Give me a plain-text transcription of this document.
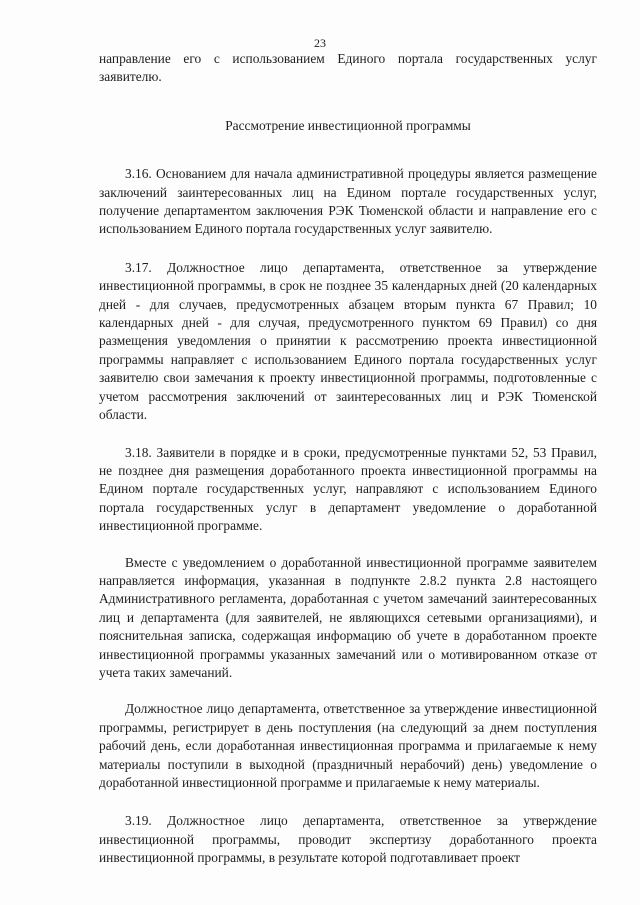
23

направление его с использованием Единого портала государственных услуг заявителю.

Рассмотрение инвестиционной программы

3.16. Основанием для начала административной процедуры является размещение заключений заинтересованных лиц на Едином портале государственных услуг, получение департаментом заключения РЭК Тюменской области и направление его с использованием Единого портала государственных услуг заявителю.

3.17. Должностное лицо департамента, ответственное за утверждение инвестиционной программы, в срок не позднее 35 календарных дней (20 календарных дней - для случаев, предусмотренных абзацем вторым пункта 67 Правил; 10 календарных дней - для случая, предусмотренного пунктом 69 Правил) со дня размещения уведомления о принятии к рассмотрению проекта инвестиционной программы направляет с использованием Единого портала государственных услуг заявителю свои замечания к проекту инвестиционной программы, подготовленные с учетом рассмотрения заключений от заинтересованных лиц и РЭК Тюменской области.

3.18. Заявители в порядке и в сроки, предусмотренные пунктами 52, 53 Правил, не позднее дня размещения доработанного проекта инвестиционной программы на Едином портале государственных услуг, направляют с использованием Единого портала государственных услуг в департамент уведомление о доработанной инвестиционной программе.

Вместе с уведомлением о доработанной инвестиционной программе заявителем направляется информация, указанная в подпункте 2.8.2 пункта 2.8 настоящего Административного регламента, доработанная с учетом замечаний заинтересованных лиц и департамента (для заявителей, не являющихся сетевыми организациями), и пояснительная записка, содержащая информацию об учете в доработанном проекте инвестиционной программы указанных замечаний или о мотивированном отказе от учета таких замечаний.

Должностное лицо департамента, ответственное за утверждение инвестиционной программы, регистрирует в день поступления (на следующий за днем поступления рабочий день, если доработанная инвестиционная программа и прилагаемые к нему материалы поступили в выходной (праздничный нерабочий) день) уведомление о доработанной инвестиционной программе и прилагаемые к нему материалы.

3.19. Должностное лицо департамента, ответственное за утверждение инвестиционной программы, проводит экспертизу доработанного проекта инвестиционной программы, в результате которой подготавливает проект
